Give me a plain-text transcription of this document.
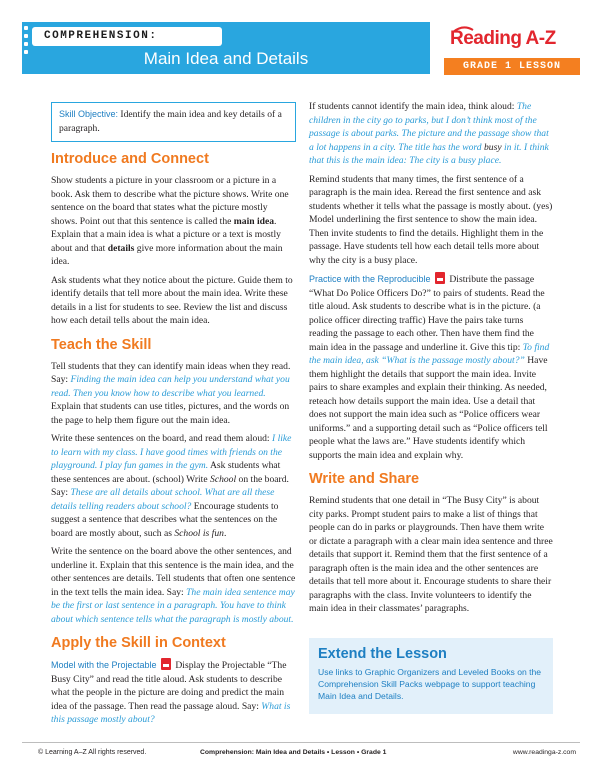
COMPREHENSION:
Main Idea and Details
Reading A-Z
GRADE 1 LESSON
Skill Objective: Identify the main idea and key details of a paragraph.
Introduce and Connect

Show students a picture in your classroom or a picture in a book. Ask them to describe what the picture shows. Write one sentence on the board that states what the picture mostly shows. Point out that this sentence is called the main idea. Explain that a main idea is what a picture or a text is mostly about and that details give more information about the main idea.

Ask students what they notice about the picture. Guide them to identify details that tell more about the main idea. Write these details in a list for students to see. Review the list and discuss how each detail tells about the main idea.

Teach the Skill

Tell students that they can identify main ideas when they read. Say: Finding the main idea can help you understand what you read. Then you know how to describe what you learned. Explain that students can use titles, pictures, and the words on the page to help them figure out the main idea.

Write these sentences on the board, and read them aloud: I like to learn with my class. I have good times with friends on the playground. I play fun games in the gym. Ask students what these sentences are about. (school) Write School on the board. Say: These are all details about school. What are all these details telling readers about school? Encourage students to suggest a sentence that describes what the sentences on the board are mostly about, such as School is fun.

Write the sentence on the board above the other sentences, and underline it. Explain that this sentence is the main idea, and the other sentences are details. Tell students that often one sentence in the text tells the main idea. Say: The main idea sentence may be the first or last sentence in a paragraph. You have to think about which sentence tells what the paragraph is mostly about.

Apply the Skill in Context

Model with the Projectable  Display the Projectable “The Busy City” and read the title aloud. Ask students to describe what the people in the picture are doing and predict the main idea of the passage. Then read the passage aloud. Say: What is this passage mostly about?

If students cannot identify the main idea, think aloud: The children in the city go to parks, but I don’t think most of the passage is about parks. The picture and the passage show that a lot happens in a city. The title has the word busy in it. I think that this is the main idea: The city is a busy place.

Remind students that many times, the first sentence of a paragraph is the main idea. Reread the first sentence and ask students whether it tells what the passage is mostly about. (yes) Model underlining the first sentence to show the main idea. Then invite students to find the details. Highlight them in the passage. Have students tell how each detail tells more about why the city is a busy place.

Practice with the Reproducible  Distribute the passage “What Do Police Officers Do?” to pairs of students. Read the title aloud. Ask students to describe what is in the picture. (a police officer directing traffic) Have the pairs take turns reading the passage to each other. Then have them find the main idea in the passage and underline it. Give this tip: To find the main idea, ask “What is the passage mostly about?” Have them highlight the details that support the main idea. Invite pairs to share examples and explain their thinking. As needed, reteach how details support the main idea. Use a detail that does not support the main idea such as “Police officers wear uniforms.” and a supporting detail such as “Police officers tell people what the laws are.” Have students identify which supports the main idea and explain why.

Write and Share

Remind students that one detail in “The Busy City” is about city parks. Prompt student pairs to make a list of things that people can do in parks or playgrounds. Then have them write or dictate a paragraph with a clear main idea sentence and three details that support it. Remind them that the first sentence of a paragraph often is the main idea and the other sentences are details that tell more about it. Encourage students to share their paragraphs with the class. Invite volunteers to identify the main idea in their classmates’ paragraphs.

Extend the Lesson

Use links to Graphic Organizers and Leveled Books on the Comprehension Skill Packs webpage to support teaching Main Idea and Details.

© Learning A–Z All rights reserved.	Comprehension: Main Idea and Details • Lesson • Grade 1	www.readinga-z.com
